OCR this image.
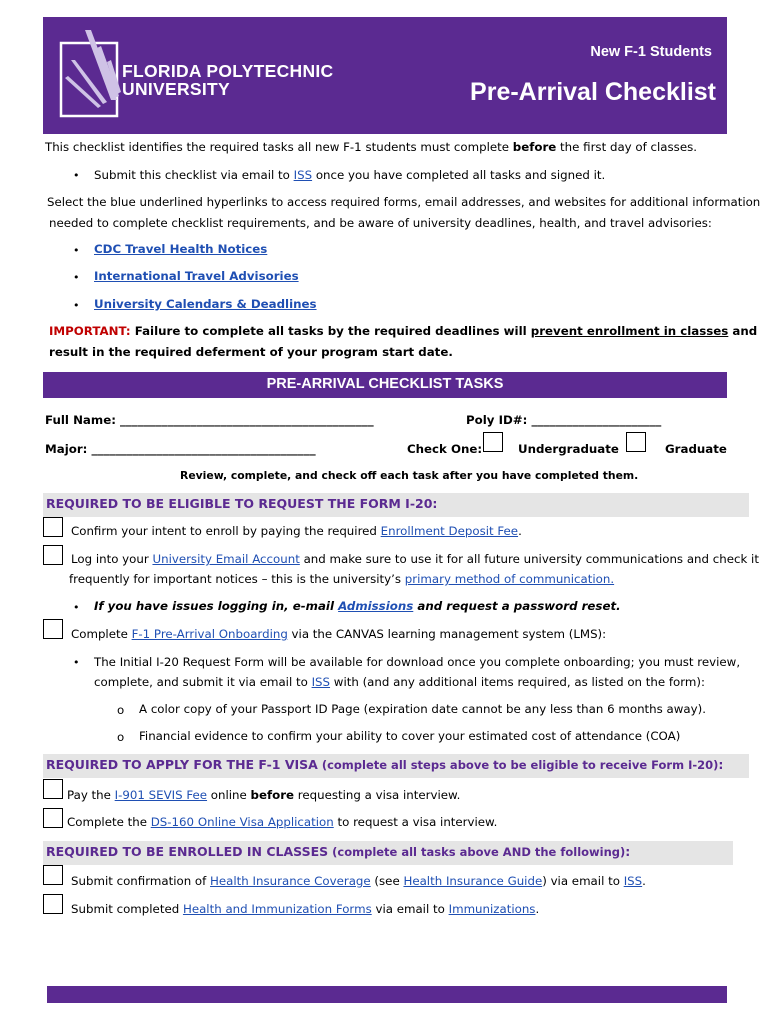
FLORIDA POLYTECHNIC
UNIVERSITY
New F-1 Students
Pre-Arrival Checklist
This checklist identifies the required tasks all new F-1 students must complete before the first day of classes.
• Submit this checklist via email to ISS once you have completed all tasks and signed it.
Select the blue underlined hyperlinks to access required forms, email addresses, and websites for additional information
needed to complete checklist requirements, and be aware of university deadlines, health, and travel advisories:
• CDC Travel Health Notices
• International Travel Advisories
• University Calendars & Deadlines
IMPORTANT: Failure to complete all tasks by the required deadlines will prevent enrollment in classes and
result in the required deferment of your program start date.
PRE-ARRIVAL CHECKLIST TASKS
Full Name: ___________________________________________	Poly ID#: ______________________
Major: ______________________________________	Check One:	Undergraduate	Graduate
Review, complete, and check off each task after you have completed them.
REQUIRED TO BE ELIGIBLE TO REQUEST THE FORM I-20:
Confirm your intent to enroll by paying the required Enrollment Deposit Fee.
Log into your University Email Account and make sure to use it for all future university communications and check it
frequently for important notices – this is the university’s primary method of communication.
• If you have issues logging in, e-mail Admissions and request a password reset.
Complete F-1 Pre-Arrival Onboarding via the CANVAS learning management system (LMS):
• The Initial I-20 Request Form will be available for download once you complete onboarding; you must review,
complete, and submit it via email to ISS with (and any additional items required, as listed on the form):
o A color copy of your Passport ID Page (expiration date cannot be any less than 6 months away).
o Financial evidence to confirm your ability to cover your estimated cost of attendance (COA)
REQUIRED TO APPLY FOR THE F-1 VISA (complete all steps above to be eligible to receive Form I-20):
Pay the I-901 SEVIS Fee online before requesting a visa interview.
Complete the DS-160 Online Visa Application to request a visa interview.
REQUIRED TO BE ENROLLED IN CLASSES (complete all tasks above AND the following):
Submit confirmation of Health Insurance Coverage (see Health Insurance Guide) via email to ISS.
Submit completed Health and Immunization Forms via email to Immunizations.
